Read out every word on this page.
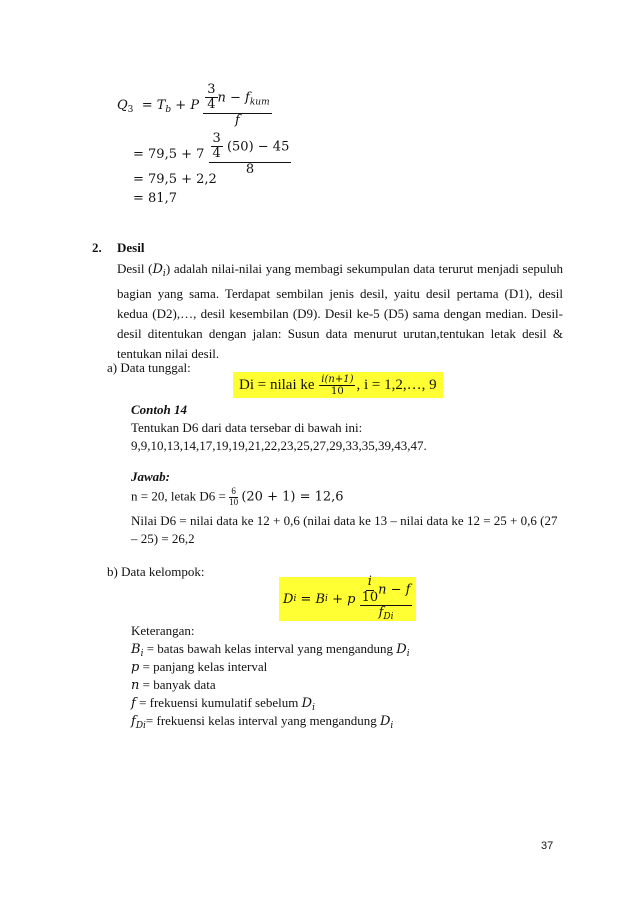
$Q_3 = T_b + P \frac{\frac{3}{4} n - f_{kum}}{f}$
= $79,5 + 7 \frac{\frac{3}{4} (50) - 45}{8}$
= 79,5 + 2,2
= 81,7
2. Desil
Desil $(D_i)$ adalah nilai-nilai yang membagi sekumpulan data terurut menjadi sepuluh bagian yang sama. Terdapat sembilan jenis desil, yaitu desil pertama (D1), desil kedua (D2),…, desil kesembilan (D9). Desil ke-5 (D5) sama dengan median. Desil-desil ditentukan dengan jalan: Susun data menurut urutan,tentukan letak desil & tentukan nilai desil.
a) Data tunggal:
Di = nilai ke $\frac{i(n+1)}{10}$ , i = 1,2,…, 9
Contoh 14
Tentukan D6 dari data tersebar di bawah ini:
9,9,10,13,14,17,19,19,21,22,23,25,27,29,33,35,39,43,47.
Jawab:
n = 20, letak $D6 = \frac{6}{10} (20 + 1) = 12,6$
Nilai D6 = nilai data ke 12 + 0,6 (nilai data ke 13 – nilai data ke 12 = 25 + 0,6 (27
– 25) = 26,2
b) Data kelompok:
D i
= B i
+ p
$\frac{\frac{i}{10} n - f}{f_{Di}}$
Keterangan:
$B_i$ = batas bawah kelas interval yang mengandung $D_i$
p = panjang kelas interval
n = banyak data
f = frekuensi kumulatif sebelum $D_i$
$f_{Di}=$ frekuensi kelas interval yang mengandung $D_i$
37
